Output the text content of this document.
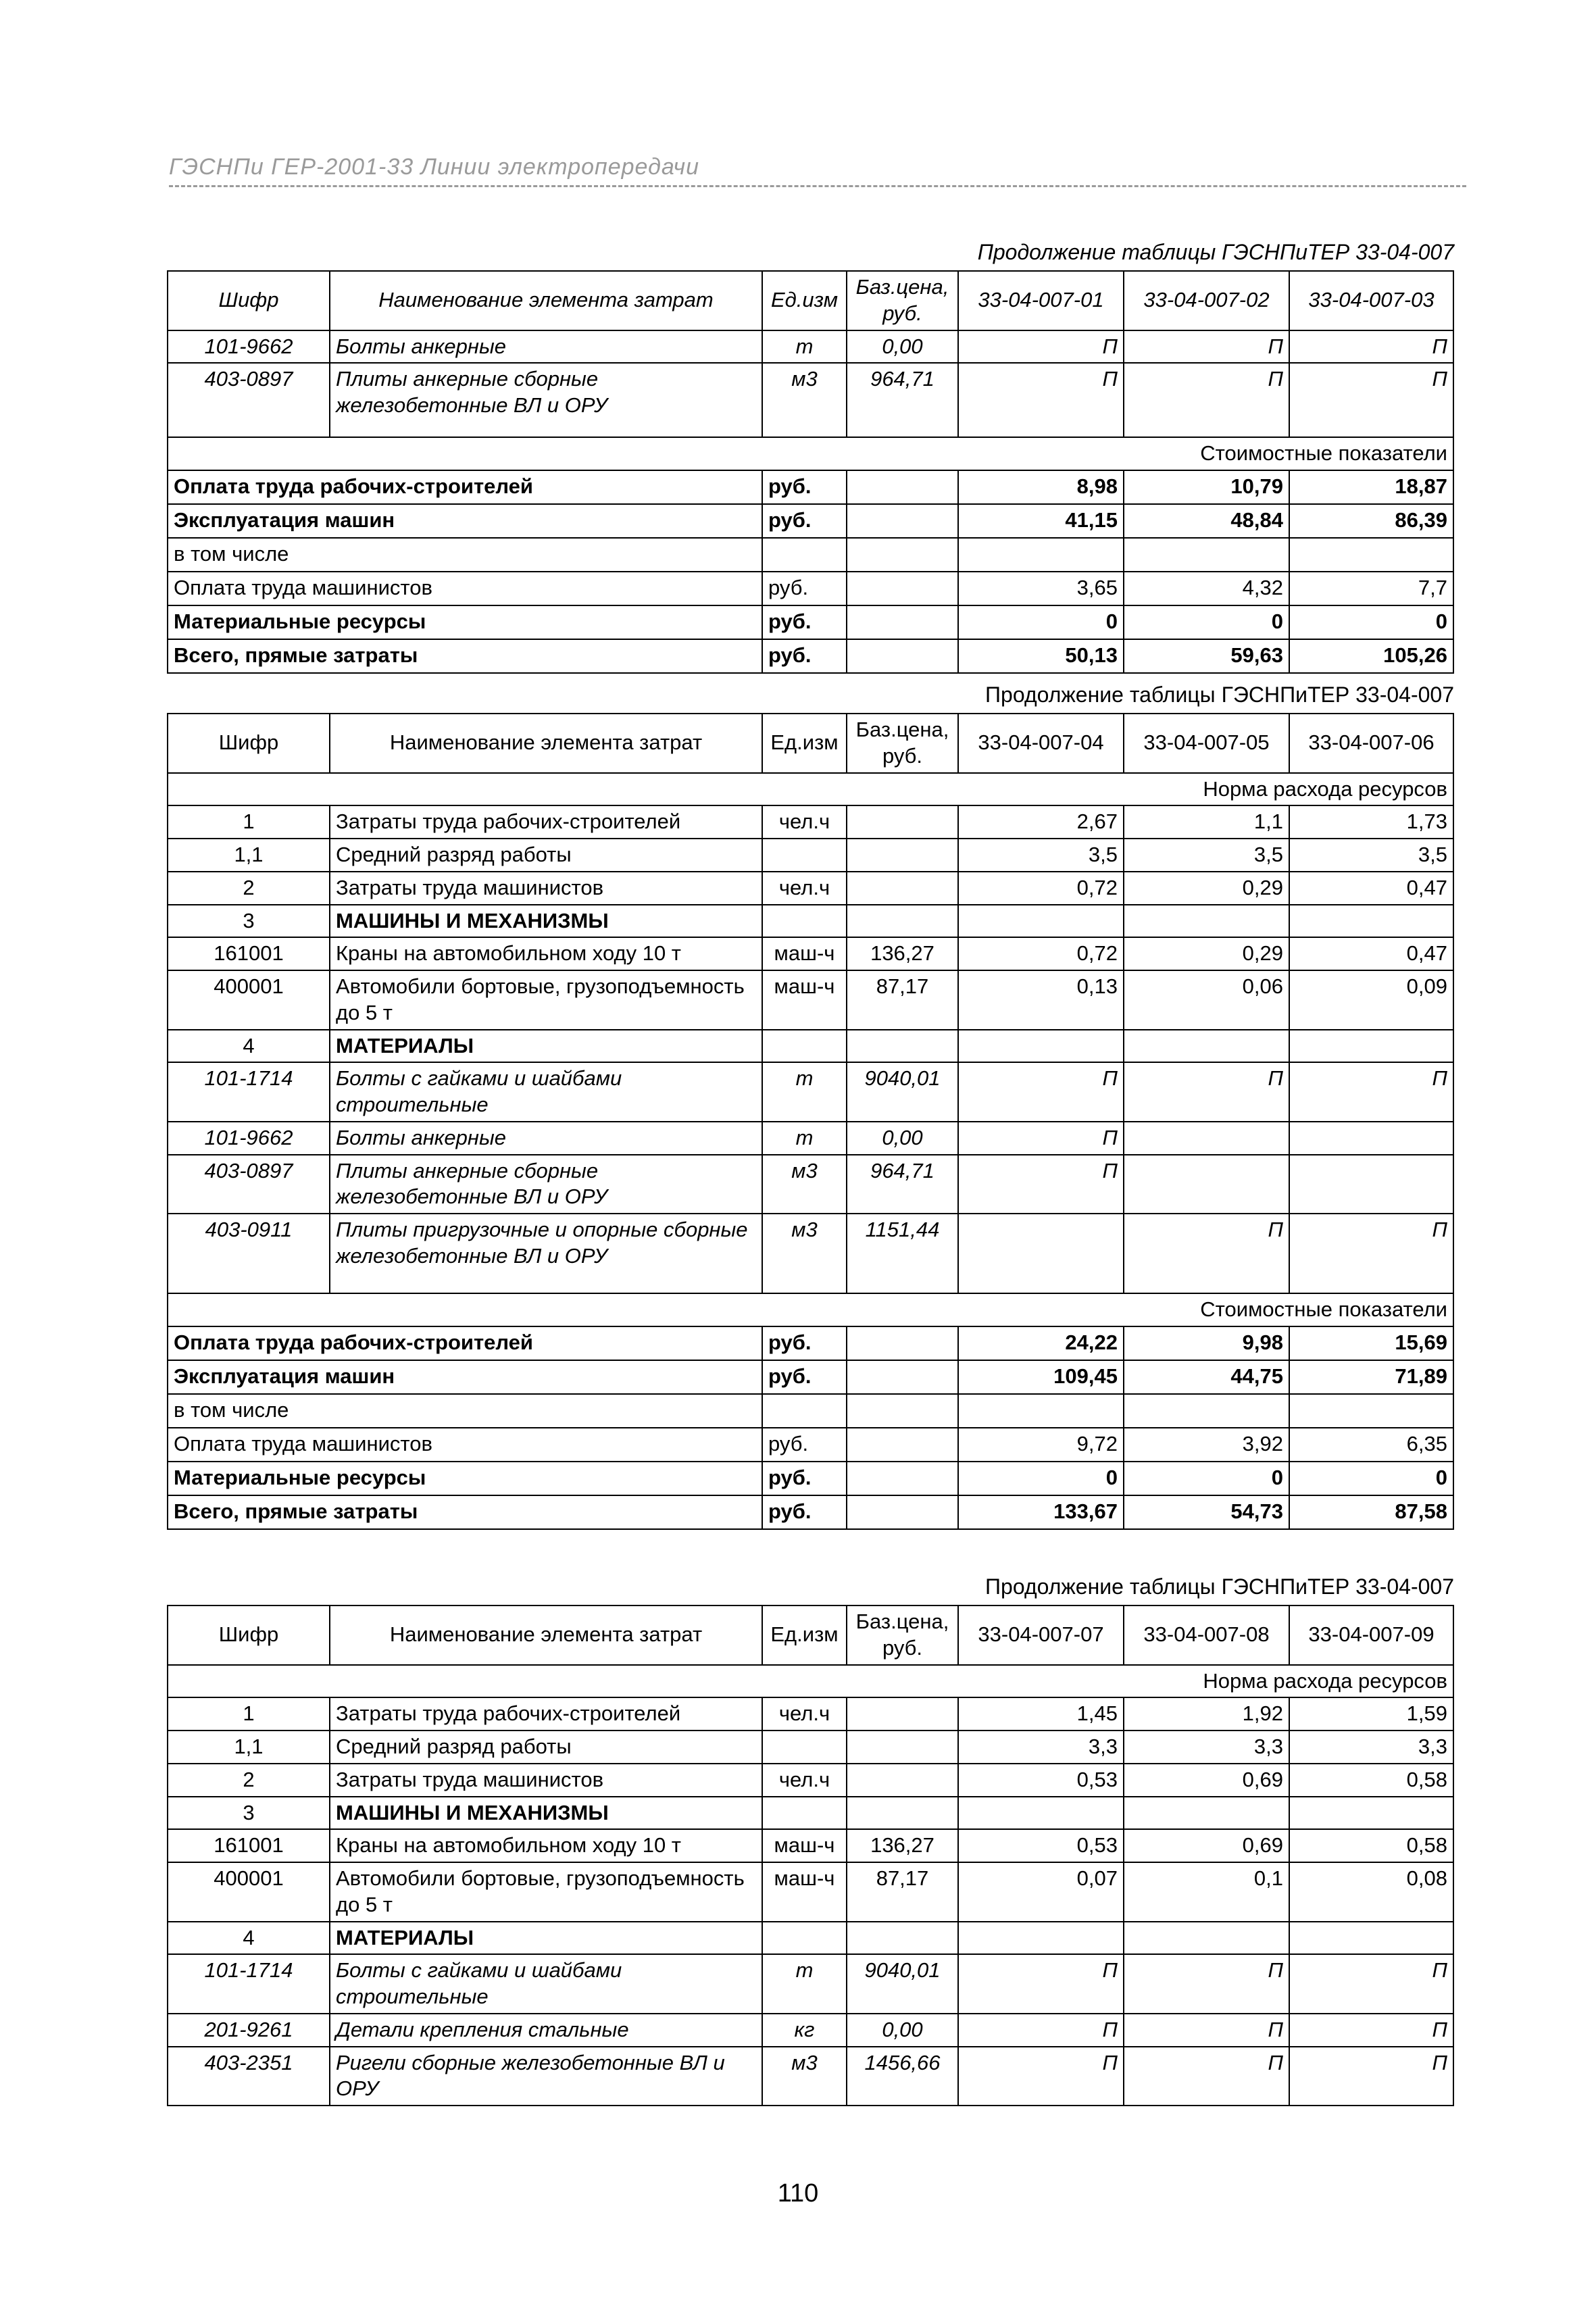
ГЭСНПи ГЕР-2001-33 Линии электропередачи
Продолжение таблицы ГЭСНПиТЕР 33-04-007
Шифр	Наименование элемента затрат	Ед.изм	Баз.цена, руб.	33-04-007-01	33-04-007-02	33-04-007-03
101-9662	Болты анкерные	т	0,00	П	П	П
403-0897	Плиты анкерные сборные железобетонные ВЛ и ОРУ	м3	964,71	П	П	П
Стоимостные показатели						
Оплата труда рабочих-строителей		руб.		8,98	10,79	18,87
Эксплуатация машин		руб.		41,15	48,84	86,39
в том числе						
Оплата труда машинистов		руб.		3,65	4,32	7,7
Материальные ресурсы		руб.		0	0	0
Всего, прямые затраты		руб.		50,13	59,63	105,26
Продолжение таблицы ГЭСНПиТЕР 33-04-007
Шифр	Наименование элемента затрат	Ед.изм	Баз.цена, руб.	33-04-007-04	33-04-007-05	33-04-007-06
Норма расхода ресурсов						
1	Затраты труда рабочих-строителей	чел.ч		2,67	1,1	1,73
1,1	Средний разряд работы			3,5	3,5	3,5
2	Затраты труда машинистов	чел.ч		0,72	0,29	0,47
3	МАШИНЫ И МЕХАНИЗМЫ					
161001	Краны на автомобильном ходу 10 т	маш-ч	136,27	0,72	0,29	0,47
400001	Автомобили бортовые, грузоподъемность до 5 т	маш-ч	87,17	0,13	0,06	0,09
4	МАТЕРИАЛЫ					
101-1714	Болты с гайками и шайбами строительные	т	9040,01	П	П	П
101-9662	Болты анкерные	т	0,00	П		
403-0897	Плиты анкерные сборные железобетонные ВЛ и ОРУ	м3	964,71	П		
403-0911	Плиты пригрузочные и опорные сборные железобетонные ВЛ и ОРУ	м3	1151,44		П	П
Стоимостные показатели						
Оплата труда рабочих-строителей		руб.		24,22	9,98	15,69
Эксплуатация машин		руб.		109,45	44,75	71,89
в том числе						
Оплата труда машинистов		руб.		9,72	3,92	6,35
Материальные ресурсы		руб.		0	0	0
Всего, прямые затраты		руб.		133,67	54,73	87,58
Продолжение таблицы ГЭСНПиТЕР 33-04-007
Шифр	Наименование элемента затрат	Ед.изм	Баз.цена, руб.	33-04-007-07	33-04-007-08	33-04-007-09
Норма расхода ресурсов						
1	Затраты труда рабочих-строителей	чел.ч		1,45	1,92	1,59
1,1	Средний разряд работы			3,3	3,3	3,3
2	Затраты труда машинистов	чел.ч		0,53	0,69	0,58
3	МАШИНЫ И МЕХАНИЗМЫ					
161001	Краны на автомобильном ходу 10 т	маш-ч	136,27	0,53	0,69	0,58
400001	Автомобили бортовые, грузоподъемность до 5 т	маш-ч	87,17	0,07	0,1	0,08
4	МАТЕРИАЛЫ					
101-1714	Болты с гайками и шайбами строительные	т	9040,01	П	П	П
201-9261	Детали крепления стальные	кг	0,00	П	П	П
403-2351	Ригели сборные железобетонные ВЛ и ОРУ	м3	1456,66	П	П	П
110
